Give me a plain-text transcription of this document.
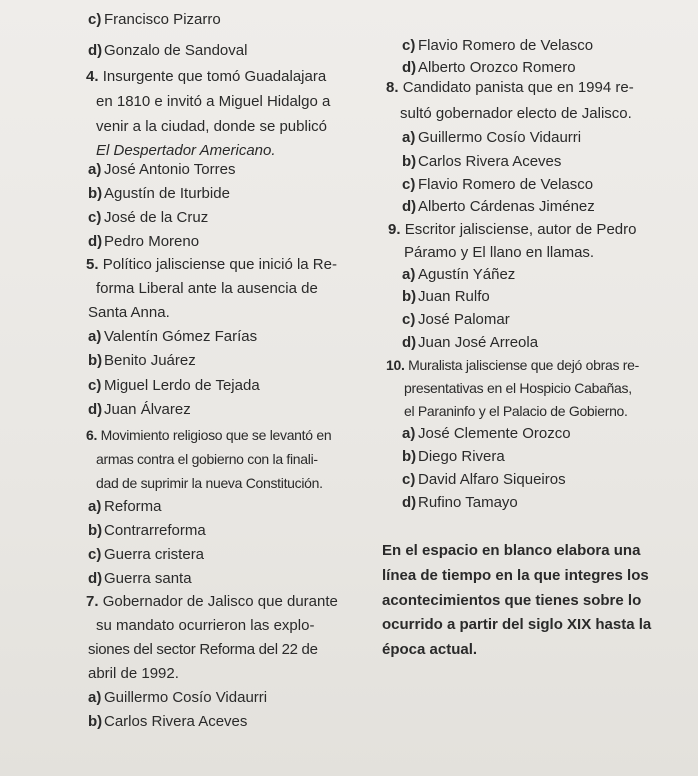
c) Francisco Pizarro
d) Gonzalo de Sandoval
4. Insurgente que tomó Guadalajara
en 1810 e invitó a Miguel Hidalgo a
venir a la ciudad, donde se publicó
El Despertador Americano.
a) José Antonio Torres
b) Agustín de Iturbide
c) José de la Cruz
d) Pedro Moreno
5. Político jalisciense que inició la Re-
forma Liberal ante la ausencia de
Santa Anna.
a) Valentín Gómez Farías
b) Benito Juárez
c) Miguel Lerdo de Tejada
d) Juan Álvarez
6. Movimiento religioso que se levantó en
armas contra el gobierno con la finali-
dad de suprimir la nueva Constitución.
a) Reforma
b) Contrarreforma
c) Guerra cristera
d) Guerra santa
7. Gobernador de Jalisco que durante
su mandato ocurrieron las explo-
siones del sector Reforma del 22 de
abril de 1992.
a) Guillermo Cosío Vidaurri
b) Carlos Rivera Aceves
c) Flavio Romero de Velasco
d) Alberto Orozco Romero
8. Candidato panista que en 1994 re-
sultó gobernador electo de Jalisco.
a) Guillermo Cosío Vidaurri
b) Carlos Rivera Aceves
c) Flavio Romero de Velasco
d) Alberto Cárdenas Jiménez
9. Escritor jalisciense, autor de Pedro
Páramo y El llano en llamas.
a) Agustín Yáñez
b) Juan Rulfo
c) José Palomar
d) Juan José Arreola
10. Muralista jalisciense que dejó obras re-
presentativas en el Hospicio Cabañas,
el Paraninfo y el Palacio de Gobierno.
a) José Clemente Orozco
b) Diego Rivera
c) David Alfaro Siqueiros
d) Rufino Tamayo
En el espacio en blanco elabora una
línea de tiempo en la que integres los
acontecimientos que tienes sobre lo
ocurrido a partir del siglo XIX hasta la
época actual.
